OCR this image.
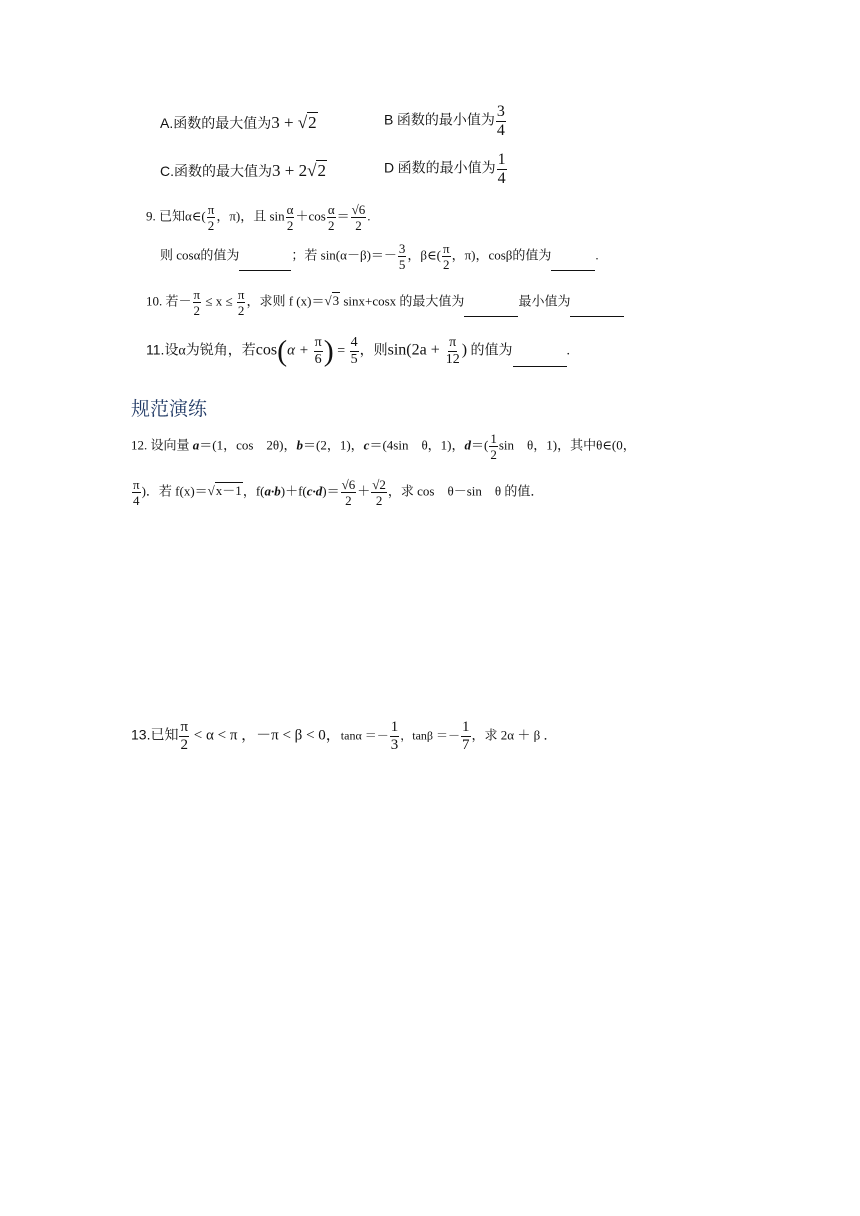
A.函数的最大值为3 + √2	B 函数的最小值为 $\frac{3}{4}$
C.函数的最大值为3 + 2√2	D 函数的最小值为 $\frac{1}{4}$
9. 已知α∈( $\frac{\pi}{2}$ ，π)，且 $\sin \frac{\alpha}{2} +\cos \frac{\alpha}{2} = \frac{√6}{2}$ .
则 cosα的值为	；若 $\sin(\alpha-\beta)=- \frac{3}{5}$ ，β∈( $\frac{\pi}{2}$ ，π)，cosβ的值为	.
10. 若－ $\frac{\pi}{2} \le x \le \frac{\pi}{2}$ ，求则 f (x)＝√3 sinx+cosx 的最大值为	最小值为
11.设α为锐角，若$\cos(\alpha + \frac{\pi}{6}$ ) = $\frac{4}{5}$ ，则$\sin(2a + \frac{\pi}{12}$ ) 的值为	.
规范演练
12. 设向量 a＝(1，cos　2θ)，b＝(2，1)，c＝(4sin　θ，1)，$d=( \frac{1}{2}$ sin　θ，1)，其中θ∈(0，
$\frac{\pi}{4}$ )．若 f(x)＝√x－1，$f(a\cdot b)+f(c\cdot d)= \frac{√6}{2} + \frac{√2}{2}$ ，求 cos　θ－sin　θ 的值．
13.已知 $\frac{\pi}{2} < \alpha < \pi$ ，－π < β < 0，$\tan\alpha =- \frac{1}{3}$ ，$\tan\beta =- \frac{1}{7}$ ，求 2α ＋ β ．
